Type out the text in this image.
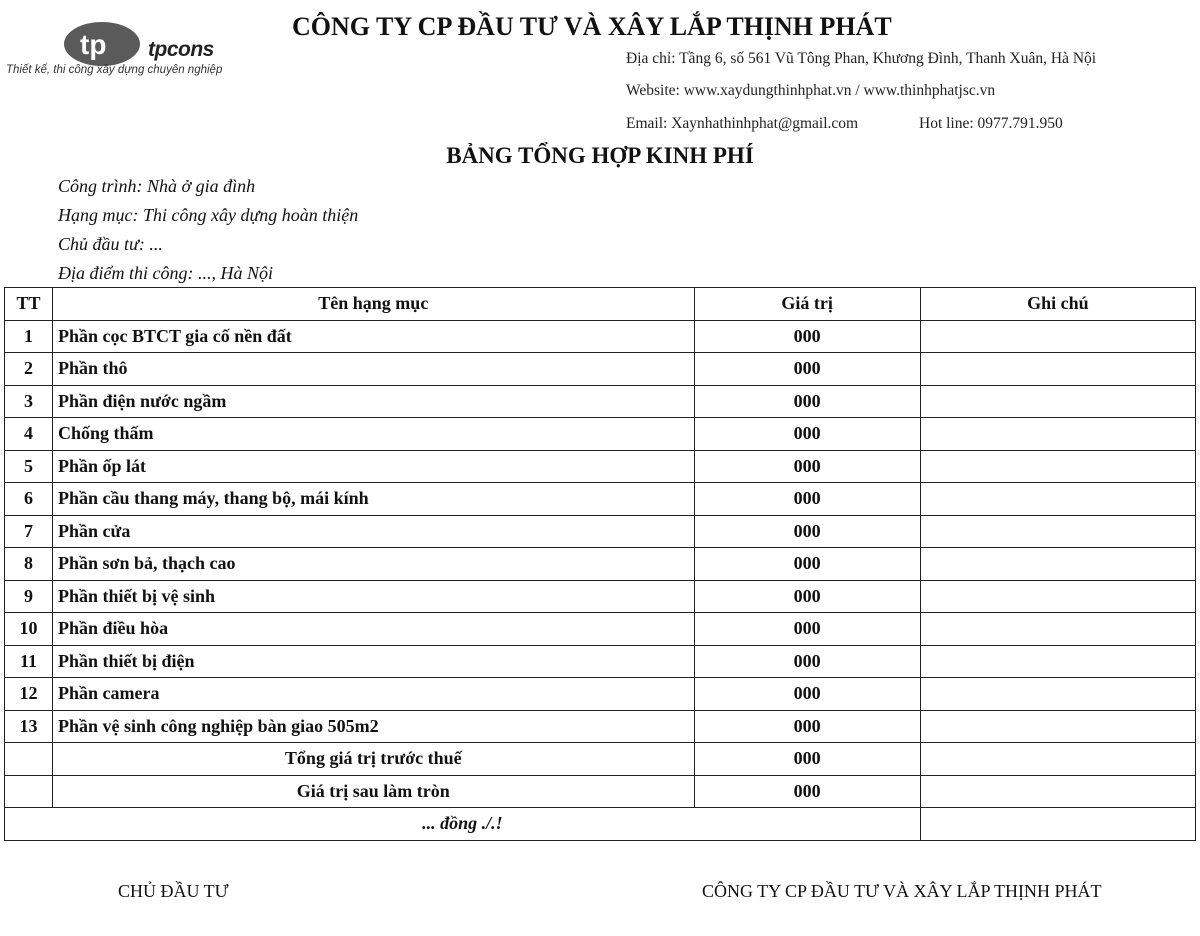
tp tpcons
Thiết kế, thi công xây dựng chuyên nghiệp
CÔNG TY CP ĐẦU TƯ VÀ XÂY LẮP THỊNH PHÁT
Địa chỉ: Tầng 6, số 561 Vũ Tông Phan, Khương Đình, Thanh Xuân, Hà Nội
Website: www.xaydungthinhphat.vn / www.thinhphatjsc.vn
Email: Xaynhathinhphat@gmail.com	Hot line: 0977.791.950
BẢNG TỔNG HỢP KINH PHÍ
Công trình: Nhà ở gia đình
Hạng mục: Thi công xây dựng hoàn thiện
Chủ đầu tư: ...
Địa điểm thi công: ..., Hà Nội
TT	Tên hạng mục	Giá trị	Ghi chú
1	Phần cọc BTCT gia cố nền đất	000	
2	Phần thô	000	
3	Phần điện nước ngầm	000	
4	Chống thấm	000	
5	Phần ốp lát	000	
6	Phần cầu thang máy, thang bộ, mái kính	000	
7	Phần cửa	000	
8	Phần sơn bả, thạch cao	000	
9	Phần thiết bị vệ sinh	000	
10	Phần điều hòa	000	
11	Phần thiết bị điện	000	
12	Phần camera	000	
13	Phần vệ sinh công nghiệp bàn giao 505m2	000	
	Tổng giá trị trước thuế	000	
	Giá trị sau làm tròn	000	
... đồng ./.!			
CHỦ ĐẦU TƯ	CÔNG TY CP ĐẦU TƯ VÀ XÂY LẮP THỊNH PHÁT
